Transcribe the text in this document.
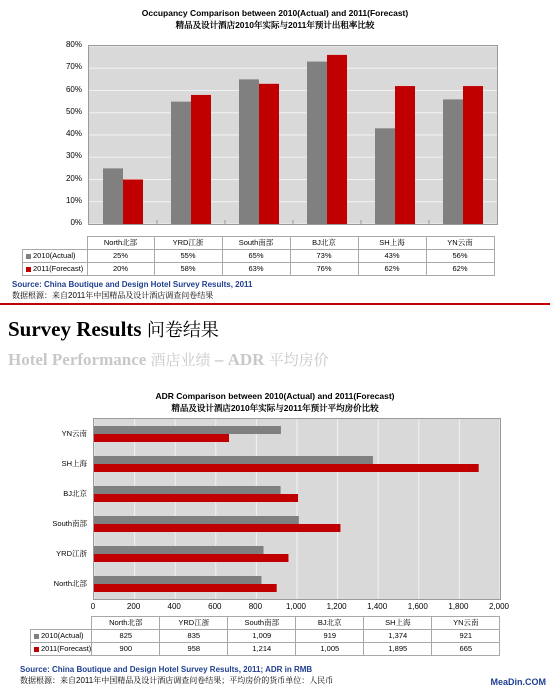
Occupancy Comparison between 2010(Actual) and 2011(Forecast)
精品及设计酒店2010年实际与2011年预计出租率比较
0%
10%
20%
30%
40%
50%
60%
70%
80%
	North北部	YRD江浙	South南部	BJ北京	SH上海	YN云南
2010(Actual)	25%	55%	65%	73%	43%	56%
2011(Forecast)	20%	58%	63%	76%	62%	62%
Source: China Boutique and Design Hotel Survey Results, 2011
数据根源：来自2011年中国精品及设计酒店调查问卷结果
Survey Results 问卷结果
Hotel Performance 酒店业绩 – ADR 平均房价
ADR Comparison between 2010(Actual) and 2011(Forecast)
精品及设计酒店2010年实际与2011年预计平均房价比较
North北部
YRD江浙
South南部
BJ北京
SH上海
YN云南
0	200	400	600	800	1,000	1,200	1,400	1,600	1,800	2,000
	North北部	YRD江浙	South南部	BJ北京	SH上海	YN云南
2010(Actual)	825	835	1,009	919	1,374	921
2011(Forecast)	900	958	1,214	1,005	1,895	665
Source: China Boutique and Design Hotel Survey Results, 2011; ADR in RMB
数据根源：来自2011年中国精品及设计酒店调查问卷结果；平均房价的货币单位：人民币	MeaDin.COM
